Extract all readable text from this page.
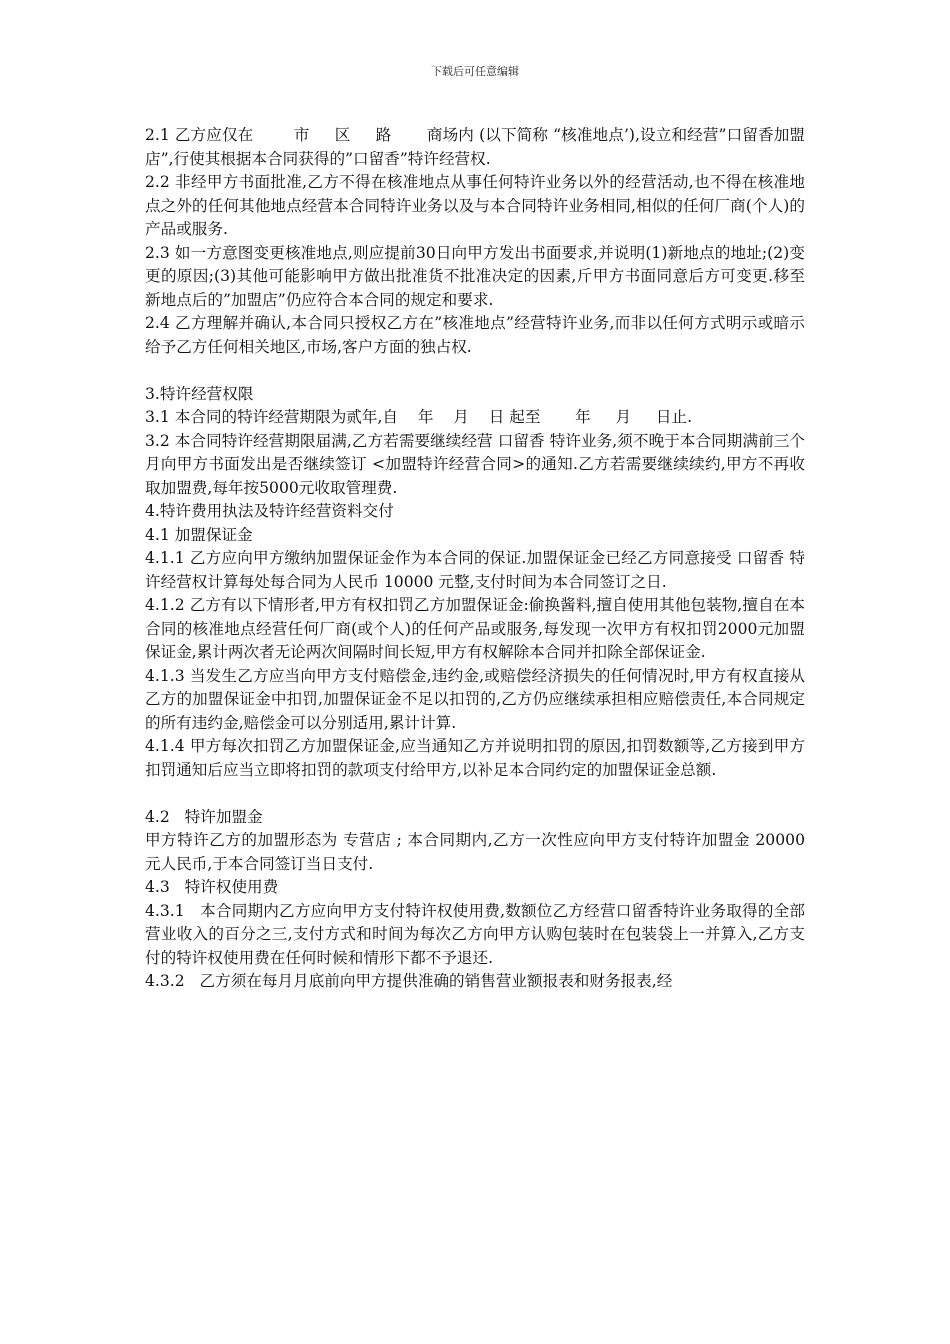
下载后可任意编辑

2.1 乙方应仅在        市     区     路       商场内 (以下简称 “核准地点’),设立和经营”口留香加盟店”,行使其根据本合同获得的”口留香”特许经营权.

2.2 非经甲方书面批准,乙方不得在核准地点从事任何特许业务以外的经营活动,也不得在核准地点之外的任何其他地点经营本合同特许业务以及与本合同特许业务相同,相似的任何厂商(个人)的产品或服务.

2.3 如一方意图变更核准地点,则应提前30日向甲方发出书面要求,并说明(1)新地点的地址;(2)变更的原因;(3)其他可能影响甲方做出批准货不批准决定的因素,斤甲方书面同意后方可变更.移至新地点后的”加盟店”仍应符合本合同的规定和要求.

2.4 乙方理解并确认,本合同只授权乙方在”核准地点”经营特许业务,而非以任何方式明示或暗示给予乙方任何相关地区,市场,客户方面的独占权.

3.特许经营权限

3.1 本合同的特许经营期限为贰年,自    年    月    日 起至       年     月     日止.

3.2 本合同特许经营期限届满,乙方若需要继续经营 口留香 特许业务,须不晚于本合同期满前三个月向甲方书面发出是否继续签订 <加盟特许经营合同>的通知.乙方若需要继续续约,甲方不再收取加盟费,每年按5000元收取管理费.

4.特许费用执法及特许经营资料交付

4.1 加盟保证金

4.1.1 乙方应向甲方缴纳加盟保证金作为本合同的保证.加盟保证金已经乙方同意接受 口留香 特许经营权计算每处每合同为人民币 10000 元整,支付时间为本合同签订之日.

4.1.2 乙方有以下情形者,甲方有权扣罚乙方加盟保证金:偷换酱料,擅自使用其他包装物,擅自在本合同的核准地点经营任何厂商(或个人)的任何产品或服务,每发现一次甲方有权扣罚2000元加盟保证金,累计两次者无论两次间隔时间长短,甲方有权解除本合同并扣除全部保证金.

4.1.3 当发生乙方应当向甲方支付赔偿金,违约金,或赔偿经济损失的任何情况时,甲方有权直接从乙方的加盟保证金中扣罚,加盟保证金不足以扣罚的,乙方仍应继续承担相应赔偿责任,本合同规定的所有违约金,赔偿金可以分别适用,累计计算.

4.1.4 甲方每次扣罚乙方加盟保证金,应当通知乙方并说明扣罚的原因,扣罚数额等,乙方接到甲方扣罚通知后应当立即将扣罚的款项支付给甲方,以补足本合同约定的加盟保证金总额.

4.2   特许加盟金

甲方特许乙方的加盟形态为 专营店 ; 本合同期内,乙方一次性应向甲方支付特许加盟金 20000 元人民币,于本合同签订当日支付.

4.3   特许权使用费

4.3.1   本合同期内乙方应向甲方支付特许权使用费,数额位乙方经营口留香特许业务取得的全部营业收入的百分之三,支付方式和时间为每次乙方向甲方认购包装时在包装袋上一并算入,乙方支付的特许权使用费在任何时候和情形下都不予退还.

4.3.2   乙方须在每月月底前向甲方提供准确的销售营业额报表和财务报表,经
